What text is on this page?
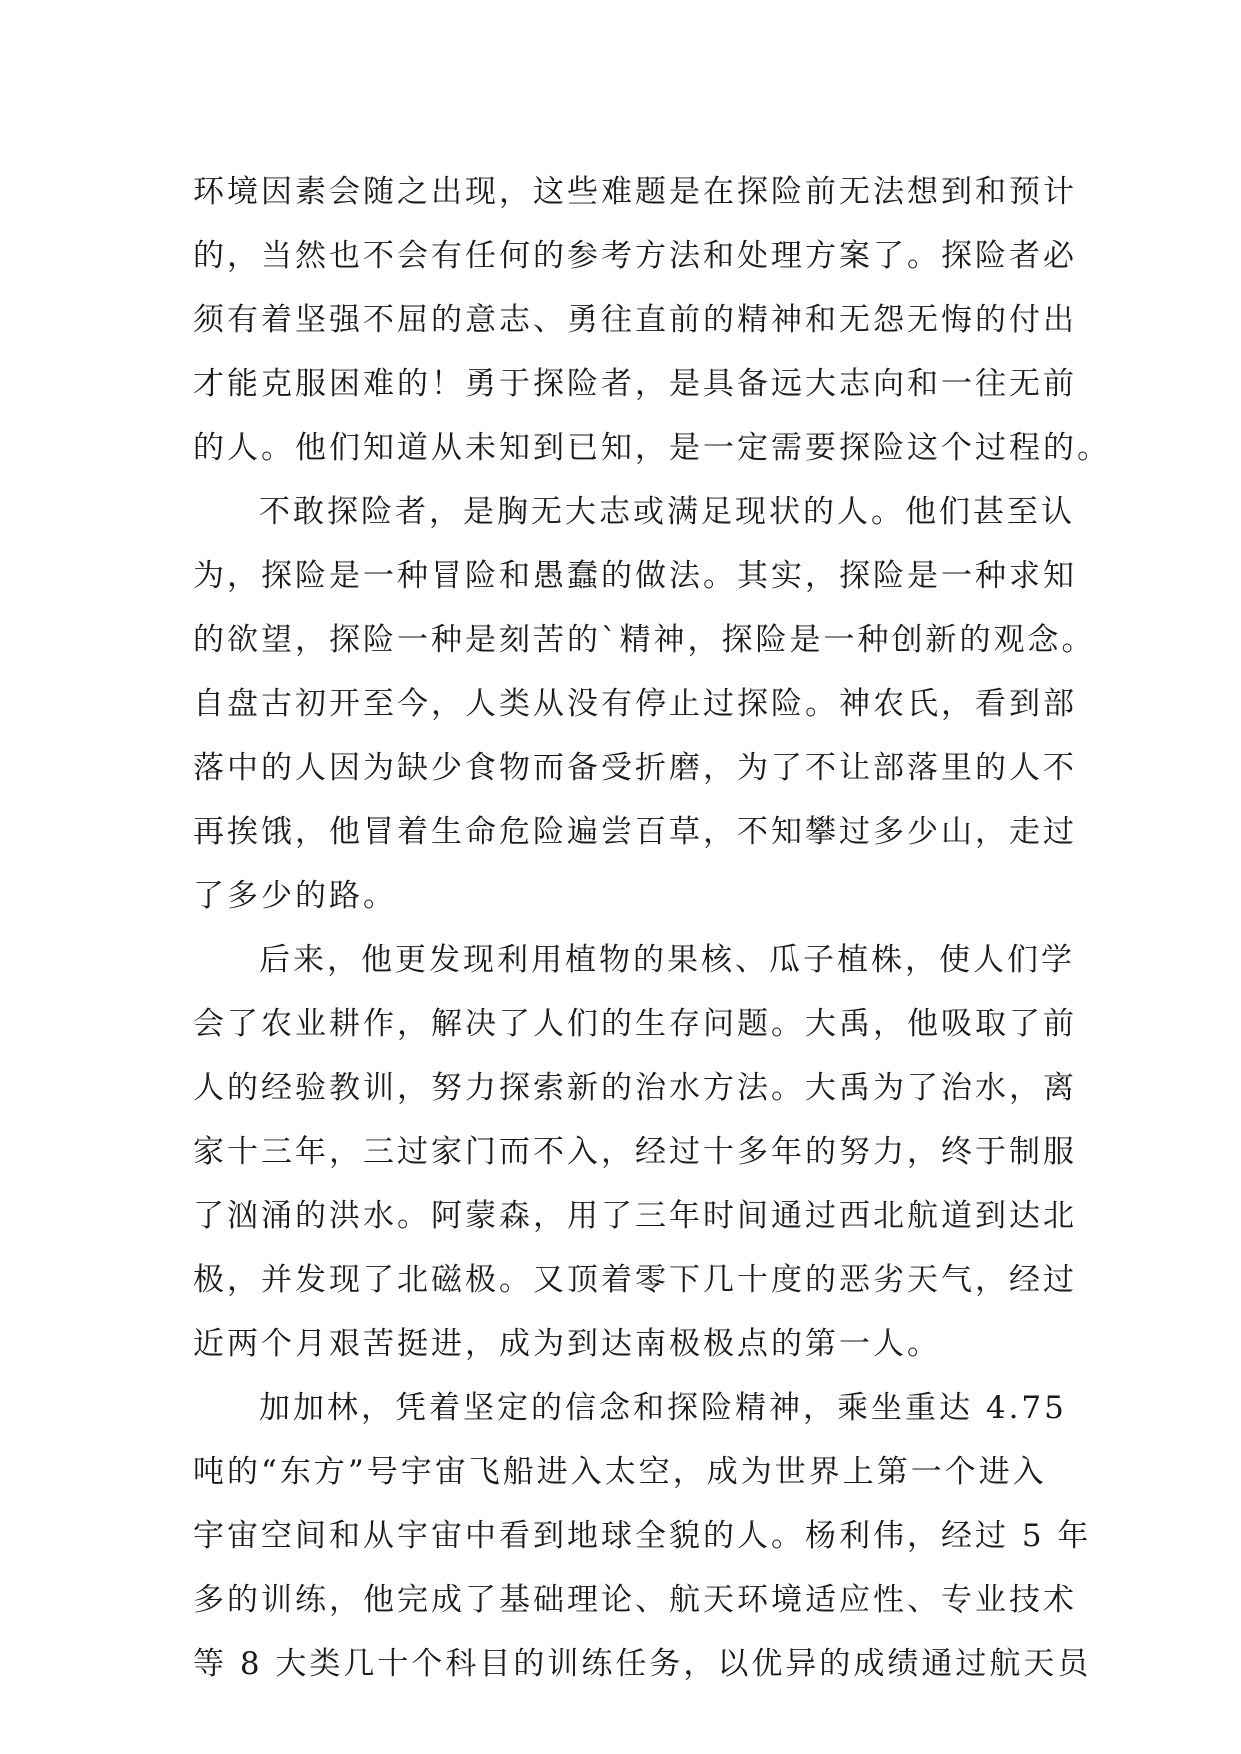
环境因素会随之出现，这些难题是在探险前无法想到和预计
的，当然也不会有任何的参考方法和处理方案了。探险者必
须有着坚强不屈的意志、勇往直前的精神和无怨无悔的付出
才能克服困难的！勇于探险者，是具备远大志向和一往无前
的人。他们知道从未知到已知，是一定需要探险这个过程的。
不敢探险者，是胸无大志或满足现状的人。他们甚至认
为，探险是一种冒险和愚蠢的做法。其实，探险是一种求知
的欲望，探险一种是刻苦的`精神，探险是一种创新的观念。
自盘古初开至今，人类从没有停止过探险。神农氏，看到部
落中的人因为缺少食物而备受折磨，为了不让部落里的人不
再挨饿，他冒着生命危险遍尝百草，不知攀过多少山，走过
了多少的路。
后来，他更发现利用植物的果核、瓜子植株，使人们学
会了农业耕作，解决了人们的生存问题。大禹，他吸取了前
人的经验教训，努力探索新的治水方法。大禹为了治水，离
家十三年，三过家门而不入，经过十多年的努力，终于制服
了汹涌的洪水。阿蒙森，用了三年时间通过西北航道到达北
极，并发现了北磁极。又顶着零下几十度的恶劣天气，经过
近两个月艰苦挺进，成为到达南极极点的第一人。
加加林，凭着坚定的信念和探险精神，乘坐重达 4.75
吨的“东方”号宇宙飞船进入太空，成为世界上第一个进入
宇宙空间和从宇宙中看到地球全貌的人。杨利伟，经过 5 年
多的训练，他完成了基础理论、航天环境适应性、专业技术
等 8 大类几十个科目的训练任务，以优异的成绩通过航天员
